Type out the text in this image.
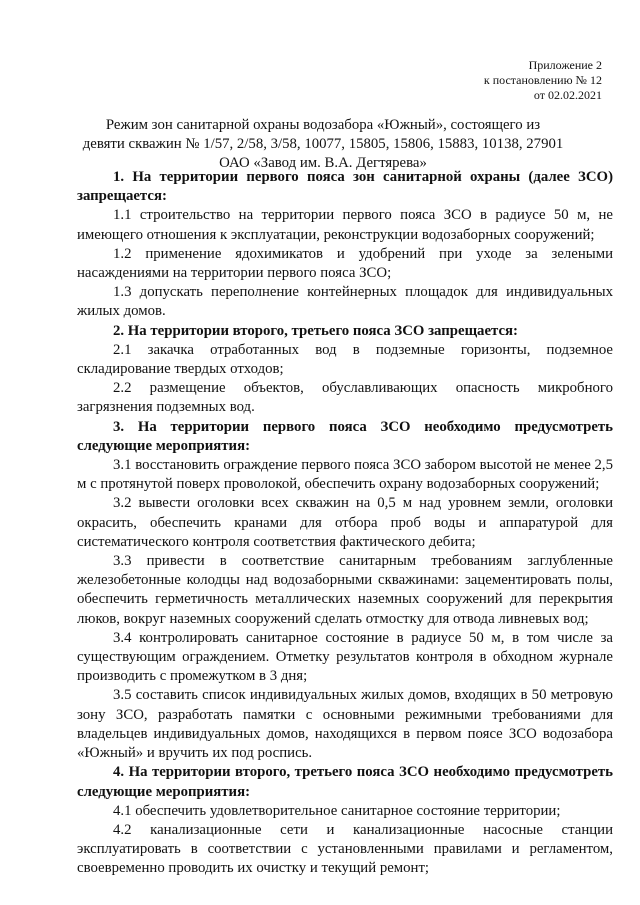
Приложение 2
к постановлению № 12
от 02.02.2021
Режим зон санитарной охраны водозабора «Южный», состоящего из
девяти скважин № 1/57, 2/58, 3/58, 10077, 15805, 15806, 15883, 10138, 27901
ОАО «Завод им. В.А. Дегтярева»

1. На территории первого пояса зон санитарной охраны (далее ЗСО) запрещается:

1.1 строительство на территории первого пояса ЗСО в радиусе 50 м, не имеющего отношения к эксплуатации, реконструкции водозаборных сооружений;

1.2 применение ядохимикатов и удобрений при уходе за зелеными насаждениями на территории первого пояса ЗСО;

1.3 допускать переполнение контейнерных площадок для индивидуальных жилых домов.

2. На территории второго, третьего пояса ЗСО запрещается:

2.1 закачка отработанных вод в подземные горизонты, подземное складирование твердых отходов;

2.2 размещение объектов, обуславливающих опасность микробного загрязнения подземных вод.

3. На территории первого пояса ЗСО необходимо предусмотреть следующие мероприятия:

3.1 восстановить ограждение первого пояса ЗСО забором высотой не менее 2,5 м с протянутой поверх проволокой, обеспечить охрану водозаборных сооружений;

3.2 вывести оголовки всех скважин на 0,5 м над уровнем земли, оголовки окрасить, обеспечить кранами для отбора проб воды и аппаратурой для систематического контроля соответствия фактического дебита;

3.3 привести в соответствие санитарным требованиям заглубленные железобетонные колодцы над водозаборными скважинами: зацементировать полы, обеспечить герметичность металлических наземных сооружений для перекрытия люков, вокруг наземных сооружений сделать отмостку для отвода ливневых вод;

3.4 контролировать санитарное состояние в радиусе 50 м, в том числе за существующим ограждением. Отметку результатов контроля в обходном журнале производить с промежутком в 3 дня;

3.5 составить список индивидуальных жилых домов, входящих в 50 метровую зону ЗСО, разработать памятки с основными режимными требованиями для владельцев индивидуальных домов, находящихся в первом поясе ЗСО водозабора «Южный» и вручить их под роспись.

4. На территории второго, третьего пояса ЗСО необходимо предусмотреть следующие мероприятия:

4.1 обеспечить удовлетворительное санитарное состояние территории;

4.2 канализационные сети и канализационные насосные станции эксплуатировать в соответствии с установленными правилами и регламентом, своевременно проводить их очистку и текущий ремонт;
